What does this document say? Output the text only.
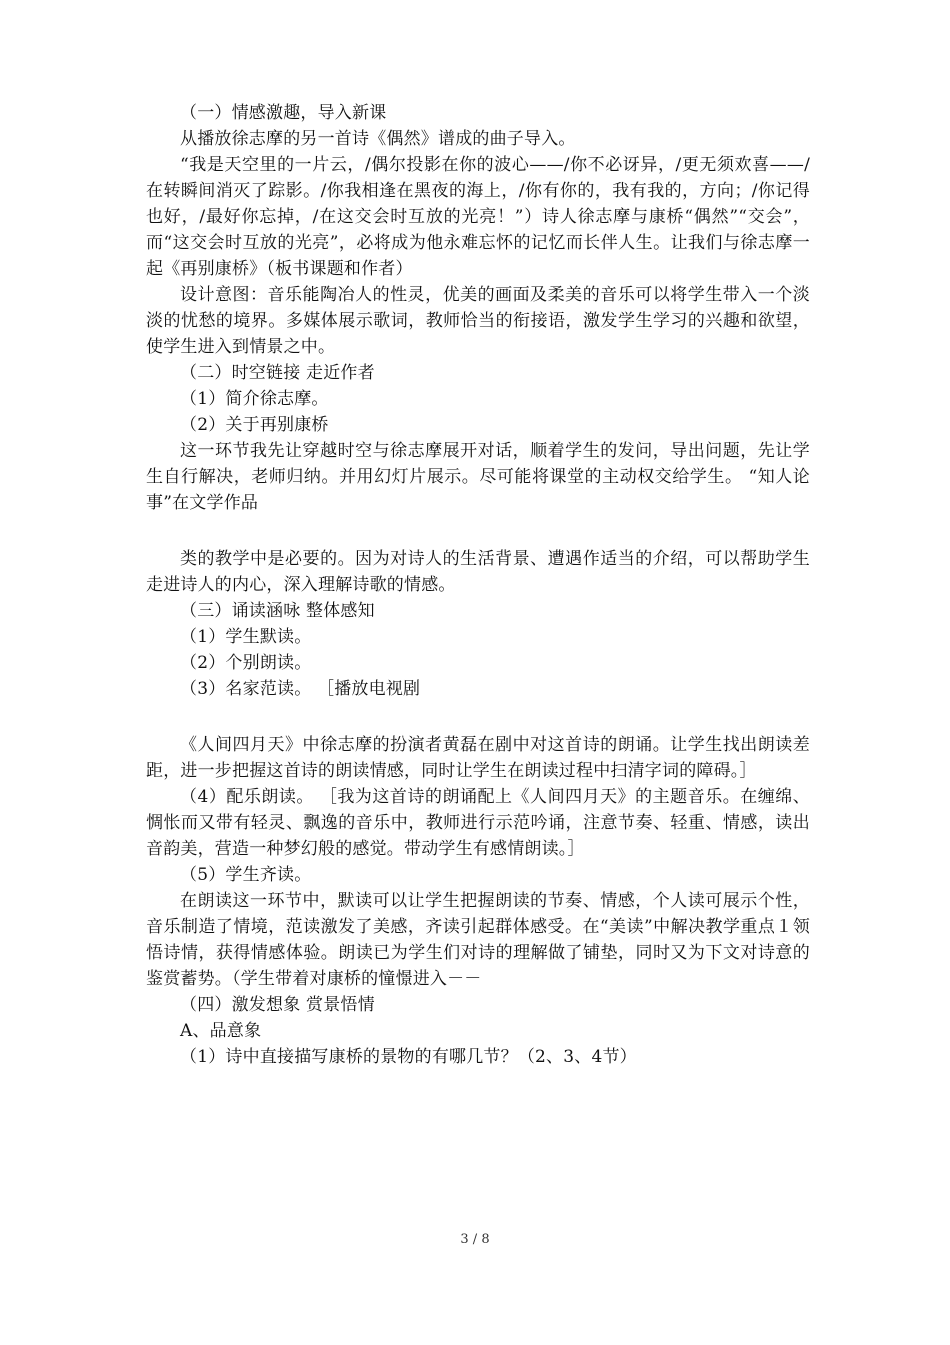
（一）情感激趣，导入新课

从播放徐志摩的另一首诗《偶然》谱成的曲子导入。

“我是天空里的一片云，/偶尔投影在你的波心——/你不必讶异，/更无须欢喜——/在转瞬间消灭了踪影。/你我相逢在黑夜的海上，/你有你的，我有我的，方向；/你记得也好，/最好你忘掉，/在这交会时互放的光亮！”）诗人徐志摩与康桥“偶然”“交会”，而“这交会时互放的光亮”，必将成为他永难忘怀的记忆而长伴人生。让我们与徐志摩一起《再别康桥》（板书课题和作者）

设计意图：音乐能陶冶人的性灵，优美的画面及柔美的音乐可以将学生带入一个淡淡的忧愁的境界。多媒体展示歌词，教师恰当的衔接语，激发学生学习的兴趣和欲望，使学生进入到情景之中。

（二）时空链接 走近作者

（1）简介徐志摩。

（2）关于再别康桥

这一环节我先让穿越时空与徐志摩展开对话，顺着学生的发问，导出问题，先让学生自行解决，老师归纳。并用幻灯片展示。尽可能将课堂的主动权交给学生。 “知人论事”在文学作品

类的教学中是必要的。因为对诗人的生活背景、遭遇作适当的介绍，可以帮助学生走进诗人的内心，深入理解诗歌的情感。

（三）诵读涵咏 整体感知

（1）学生默读。

（2）个别朗读。

（3）名家范读。 ［播放电视剧

《人间四月天》中徐志摩的扮演者黄磊在剧中对这首诗的朗诵。让学生找出朗读差距，进一步把握这首诗的朗读情感，同时让学生在朗读过程中扫清字词的障碍。］

（4）配乐朗读。 ［我为这首诗的朗诵配上《人间四月天》的主题音乐。在缠绵、惆怅而又带有轻灵、飘逸的音乐中，教师进行示范吟诵，注意节奏、轻重、情感，读出音韵美，营造一种梦幻般的感觉。带动学生有感情朗读。］

（5）学生齐读。

在朗读这一环节中，默读可以让学生把握朗读的节奏、情感，个人读可展示个性，音乐制造了情境，范读激发了美感，齐读引起群体感受。在“美读”中解决教学重点１领悟诗情，获得情感体验。朗读已为学生们对诗的理解做了铺垫，同时又为下文对诗意的鉴赏蓄势。（学生带着对康桥的憧憬进入－－

（四）激发想象 赏景悟情

A、品意象

（1）诗中直接描写康桥的景物的有哪几节？（2、3、4节）

3 / 8
